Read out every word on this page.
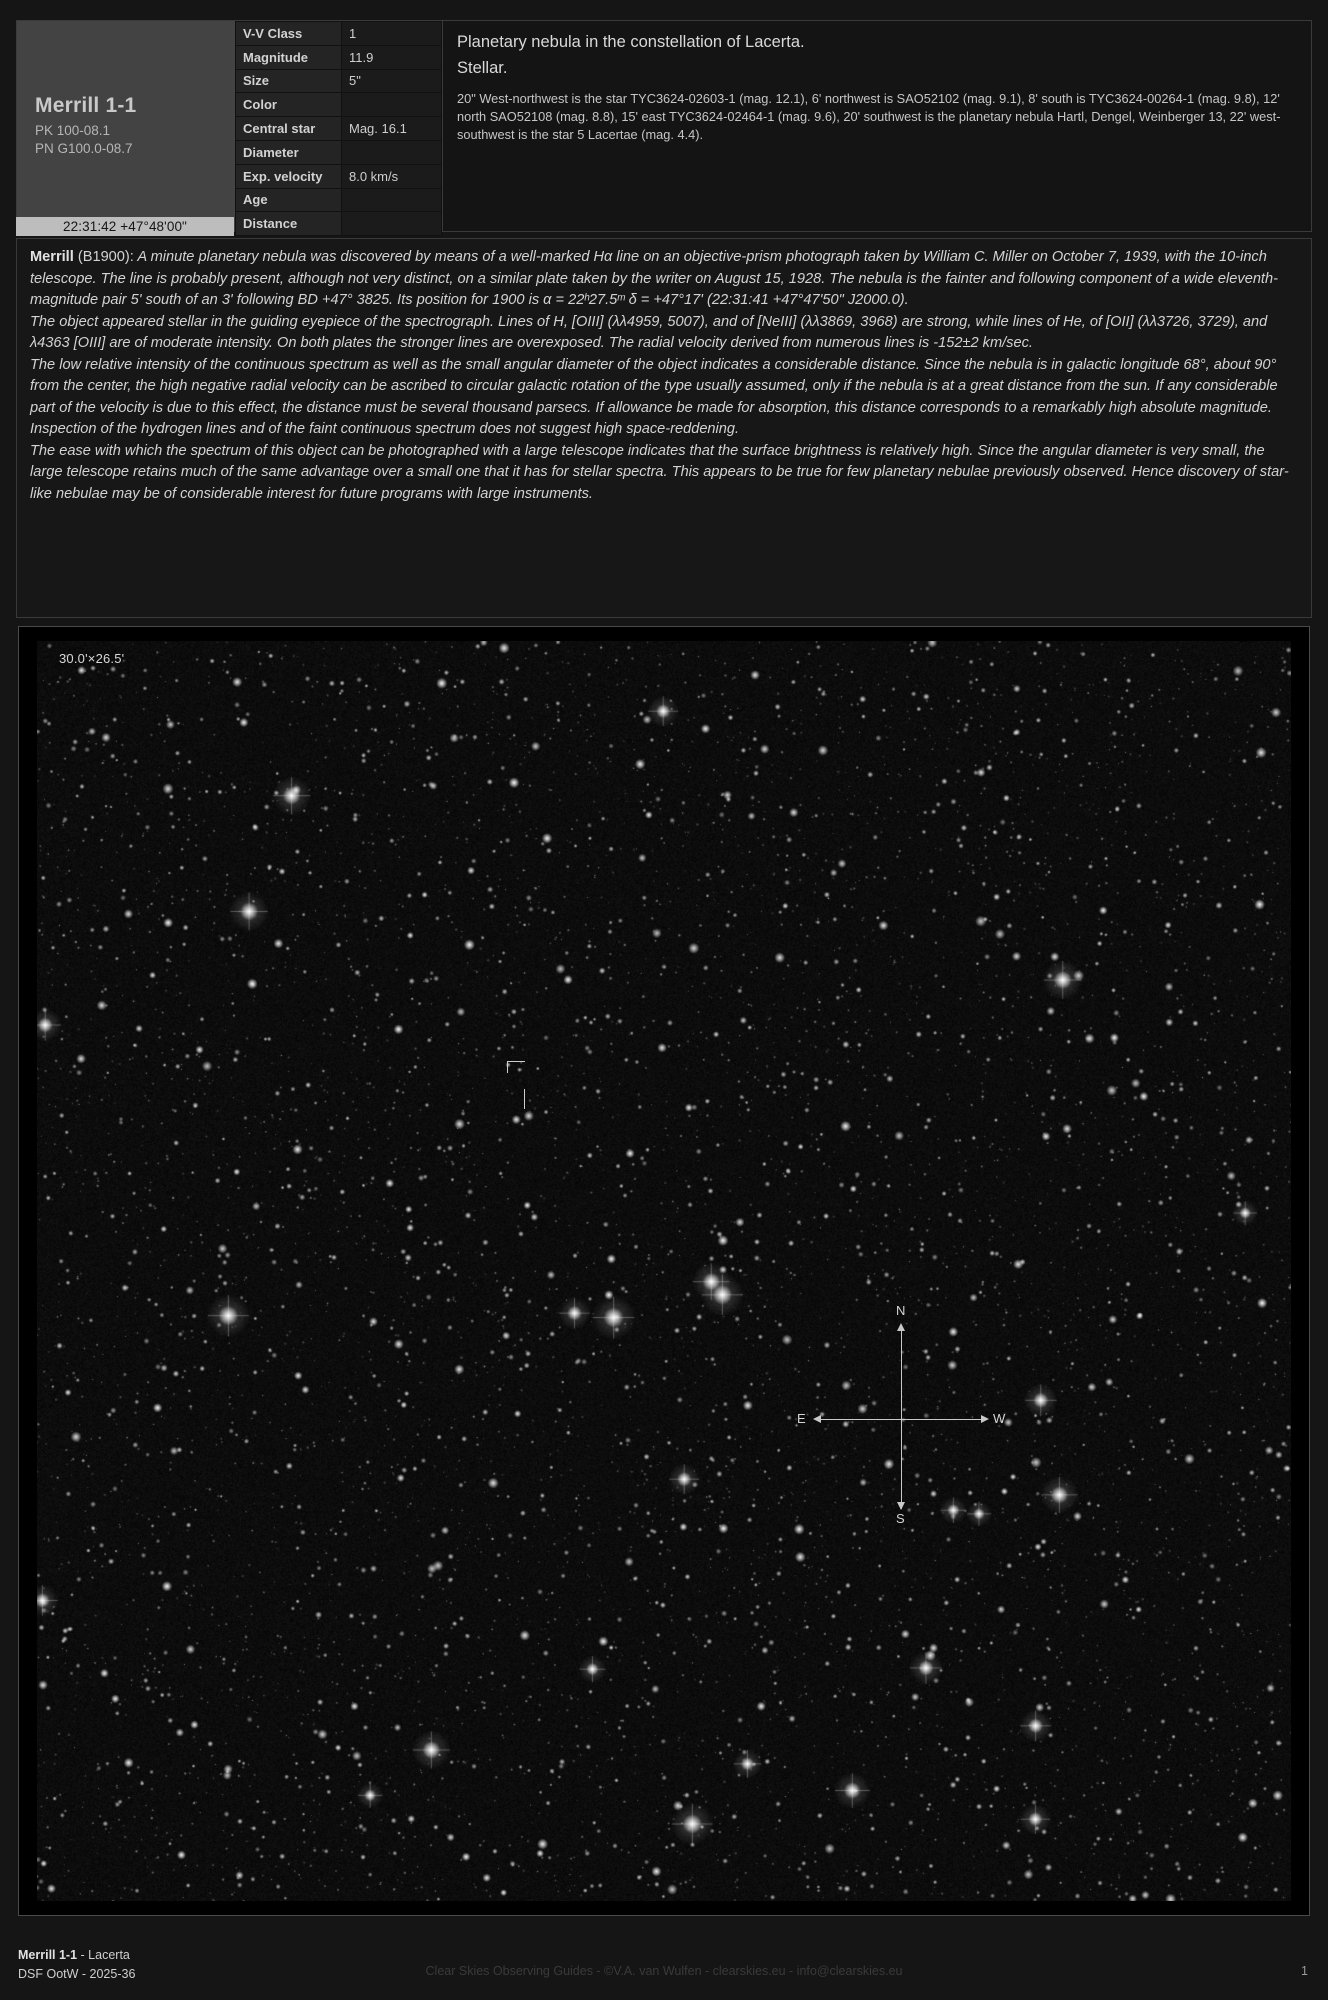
Merrill 1-1
PK 100-08.1
PN G100.0-08.7
V-V Class	1
Magnitude	11.9
Size	5"
Color	
Central star	Mag. 16.1
Diameter	
Exp. velocity	8.0 km/s
Age	
Distance	
Planetary nebula in the constellation of Lacerta.
Stellar.
20" West-northwest is the star TYC3624-02603-1 (mag. 12.1), 6' northwest is SAO52102 (mag. 9.1), 8' south is TYC3624-00264-1 (mag. 9.8), 12' north SAO52108 (mag. 8.8), 15' east TYC3624-02464-1 (mag. 9.6), 20' southwest is the planetary nebula Hartl, Dengel, Weinberger 13, 22' west-southwest is the star 5 Lacertae (mag. 4.4).
22:31:42 +47°48'00"

Merrill (B1900): A minute planetary nebula was discovered by means of a well-marked Hα line on an objective-prism photograph taken by William C. Miller on October 7, 1939, with the 10-inch telescope. The line is probably present, although not very distinct, on a similar plate taken by the writer on August 15, 1928. The nebula is the fainter and following component of a wide eleventh-magnitude pair 5' south of an 3' following BD +47° 3825. Its position for 1900 is α = 22ʰ27.5ᵐ δ = +47°17' (22:31:41 +47°47'50" J2000.0).

The object appeared stellar in the guiding eyepiece of the spectrograph. Lines of H, [OIII] (λλ4959, 5007), and of [NeIII] (λλ3869, 3968) are strong, while lines of He, of [OII] (λλ3726, 3729), and λ4363 [OIII] are of moderate intensity. On both plates the stronger lines are overexposed. The radial velocity derived from numerous lines is -152±2 km/sec.

The low relative intensity of the continuous spectrum as well as the small angular diameter of the object indicates a considerable distance. Since the nebula is in galactic longitude 68°, about 90° from the center, the high negative radial velocity can be ascribed to circular galactic rotation of the type usually assumed, only if the nebula is at a great distance from the sun. If any considerable part of the velocity is due to this effect, the distance must be several thousand parsecs. If allowance be made for absorption, this distance corresponds to a remarkably high absolute magnitude.

Inspection of the hydrogen lines and of the faint continuous spectrum does not suggest high space-reddening.

The ease with which the spectrum of this object can be photographed with a large telescope indicates that the surface brightness is relatively high. Since the angular diameter is very small, the large telescope retains much of the same advantage over a small one that it has for stellar spectra. This appears to be true for few planetary nebulae previously observed. Hence discovery of star-like nebulae may be of considerable interest for future programs with large instruments.

30.0'×26.5'
N
S
E	W
Merrill 1-1 - Lacerta
DSF OotW - 2025-36	Clear Skies Observing Guides - ©V.A. van Wulfen - clearskies.eu - info@clearskies.eu	1
